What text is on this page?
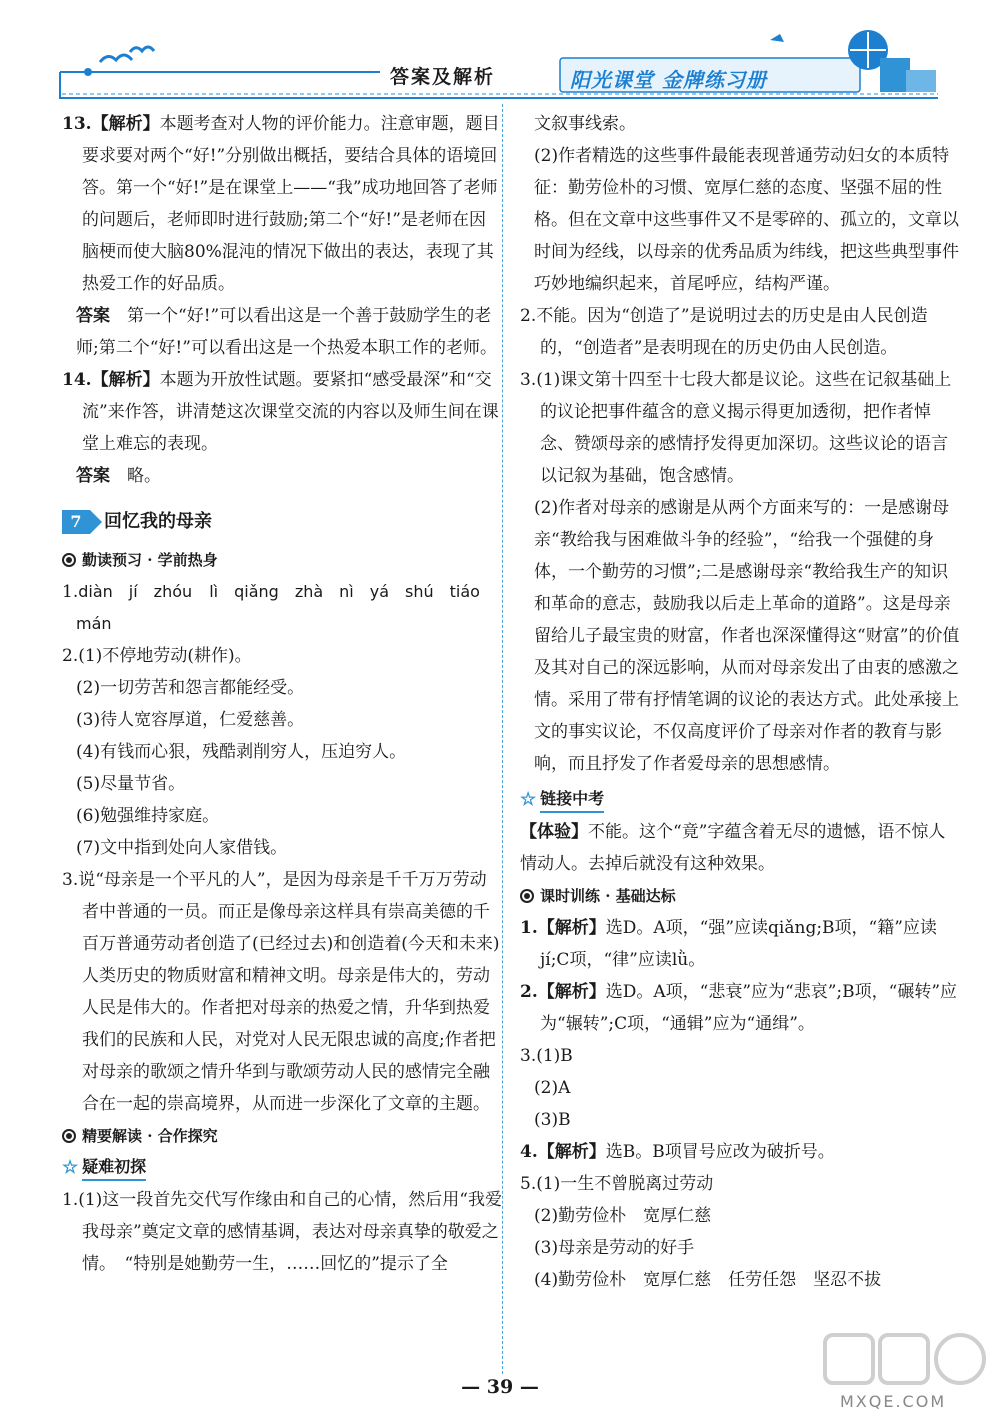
答案及解析	阳光课堂 金牌练习册

13.【解析】本题考查对人物的评价能力。注意审题，题目要求要对两个“好!”分别做出概括，要结合具体的语境回答。第一个“好!”是在课堂上——“我”成功地回答了老师的问题后，老师即时进行鼓励;第二个“好!”是老师在因脑梗而使大脑80%混沌的情况下做出的表达，表现了其热爱工作的好品质。

答案　第一个“好!”可以看出这是一个善于鼓励学生的老师;第二个“好!”可以看出这是一个热爱本职工作的老师。

14.【解析】本题为开放性试题。要紧扣“感受最深”和“交流”来作答，讲清楚这次课堂交流的内容以及师生间在课堂上难忘的表现。

答案　略。

7	回忆我的母亲
勤读预习 · 学前热身

1.diàn　jí　zhóu lì　qiǎng　zhà　nì　yá　shú　tiáo

mán

2.(1)不停地劳动(耕作)。

(2)一切劳苦和怨言都能经受。

(3)待人宽容厚道，仁爱慈善。

(4)有钱而心狠，残酷剥削穷人，压迫穷人。

(5)尽量节省。

(6)勉强维持家庭。

(7)文中指到处向人家借钱。

3.说“母亲是一个平凡的人”，是因为母亲是千千万万劳动者中普通的一员。而正是像母亲这样具有崇高美德的千百万普通劳动者创造了(已经过去)和创造着(今天和未来)人类历史的物质财富和精神文明。母亲是伟大的，劳动人民是伟大的。作者把对母亲的热爱之情，升华到热爱我们的民族和人民，对党对人民无限忠诚的高度;作者把对母亲的歌颂之情升华到与歌颂劳动人民的感情完全融合在一起的崇高境界，从而进一步深化了文章的主题。

精要解读 · 合作探究
☆ 疑难初探

1.(1)这一段首先交代写作缘由和自己的心情，然后用“我爱我母亲”奠定文章的感情基调，表达对母亲真挚的敬爱之情。　“特别是她勤劳一生，……回忆的”提示了全

文叙事线索。

(2)作者精选的这些事件最能表现普通劳动妇女的本质特征：勤劳俭朴的习惯、宽厚仁慈的态度、坚强不屈的性格。但在文章中这些事件又不是零碎的、孤立的，文章以时间为经线，以母亲的优秀品质为纬线，把这些典型事件巧妙地编织起来，首尾呼应，结构严谨。

2.不能。因为“创造了”是说明过去的历史是由人民创造的，“创造者”是表明现在的历史仍由人民创造。

3.(1)课文第十四至十七段大都是议论。这些在记叙基础上的议论把事件蕴含的意义揭示得更加透彻，把作者悼念、赞颂母亲的感情抒发得更加深切。这些议论的语言以记叙为基础，饱含感情。

(2)作者对母亲的感谢是从两个方面来写的：一是感谢母亲“教给我与困难做斗争的经验”，“给我一个强健的身体，一个勤劳的习惯”;二是感谢母亲“教给我生产的知识和革命的意志，鼓励我以后走上革命的道路”。这是母亲留给儿子最宝贵的财富，作者也深深懂得这“财富”的价值及其对自己的深远影响，从而对母亲发出了由衷的感激之情。采用了带有抒情笔调的议论的表达方式。此处承接上文的事实议论，不仅高度评价了母亲对作者的教育与影响，而且抒发了作者爱母亲的思想感情。

☆ 链接中考

【体验】不能。这个“竟”字蕴含着无尽的遗憾，语不惊人情动人。去掉后就没有这种效果。

课时训练 · 基础达标

1.【解析】选D。A项，“强”应读qiǎng;B项，“籍”应读jí;C项，“律”应读lǜ。

2.【解析】选D。A项，“悲衰”应为“悲哀”;B项，“碾转”应为“辗转”;C项，“通辑”应为“通缉”。

3.(1)B

(2)A

(3)B

4.【解析】选B。B项冒号应改为破折号。

5.(1)一生不曾脱离过劳动

(2)勤劳俭朴　宽厚仁慈

(3)母亲是劳动的好手

(4)勤劳俭朴　宽厚仁慈　任劳任怨　坚忍不拔

— 39 —
MXQE.COM
